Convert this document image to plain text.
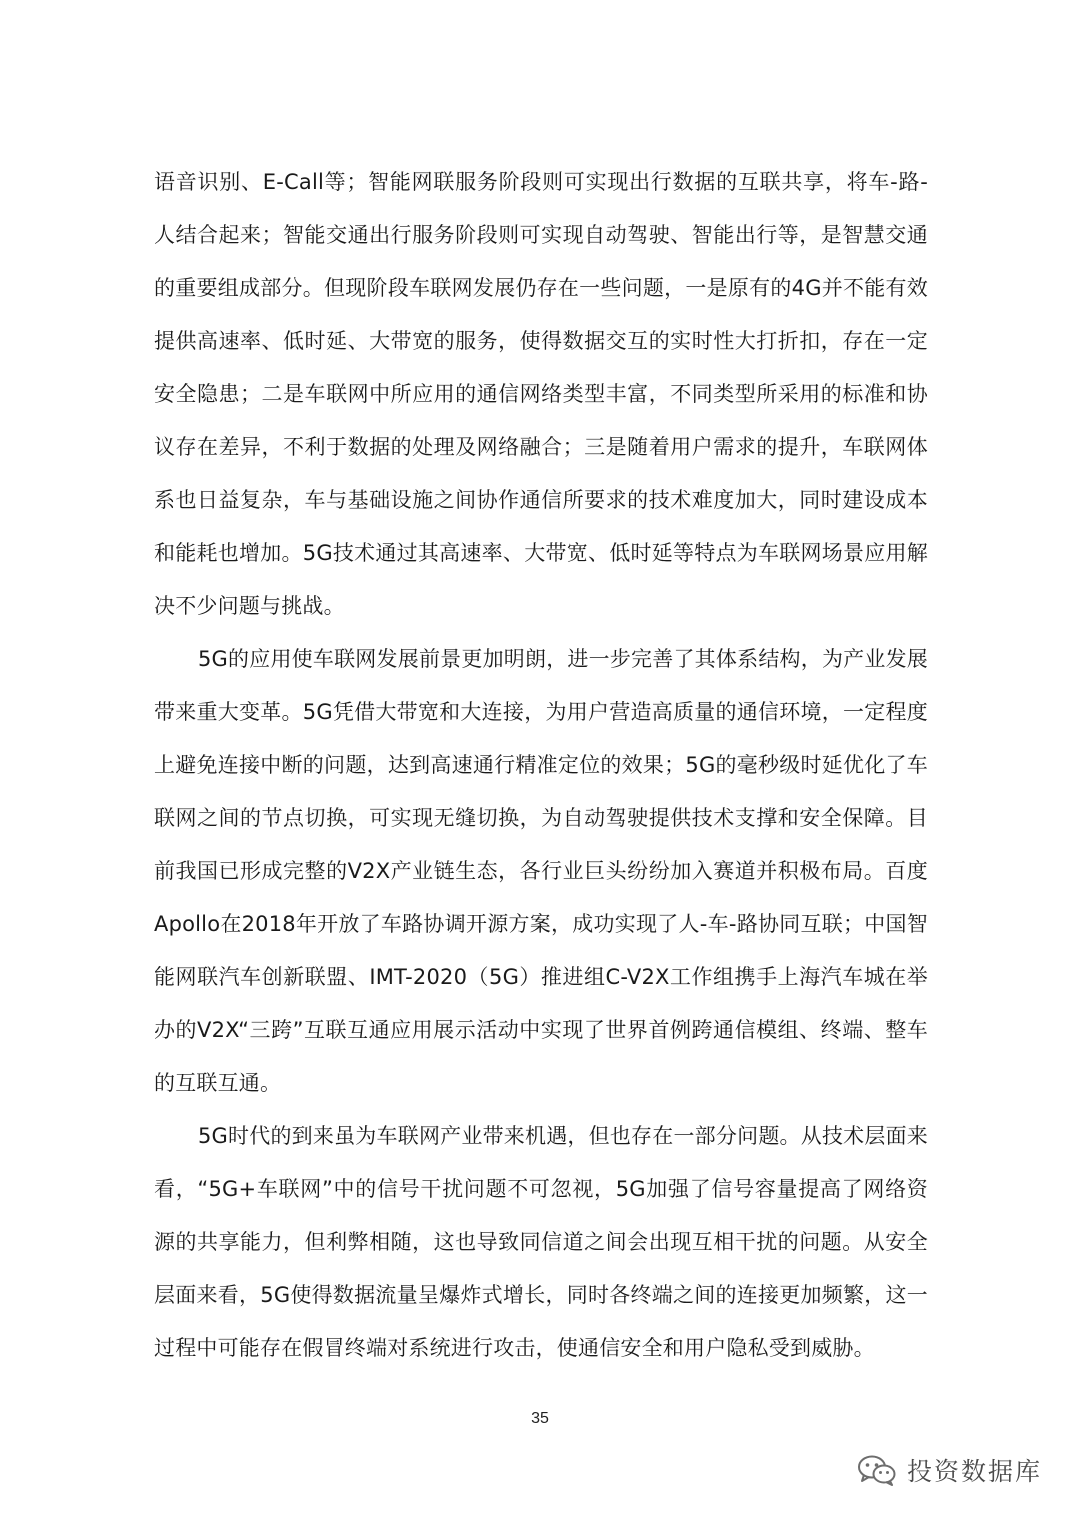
语音识别、E-Call等；智能网联服务阶段则可实现出行数据的互联共享，将车-路-人结合起来；智能交通出行服务阶段则可实现自动驾驶、智能出行等，是智慧交通的重要组成部分。但现阶段车联网发展仍存在一些问题，一是原有的4G并不能有效提供高速率、低时延、大带宽的服务，使得数据交互的实时性大打折扣，存在一定安全隐患；二是车联网中所应用的通信网络类型丰富，不同类型所采用的标准和协议存在差异，不利于数据的处理及网络融合；三是随着用户需求的提升，车联网体系也日益复杂，车与基础设施之间协作通信所要求的技术难度加大，同时建设成本和能耗也增加。5G技术通过其高速率、大带宽、低时延等特点为车联网场景应用解决不少问题与挑战。

5G的应用使车联网发展前景更加明朗，进一步完善了其体系结构，为产业发展带来重大变革。5G凭借大带宽和大连接，为用户营造高质量的通信环境，一定程度上避免连接中断的问题，达到高速通行精准定位的效果；5G的毫秒级时延优化了车联网之间的节点切换，可实现无缝切换，为自动驾驶提供技术支撑和安全保障。目前我国已形成完整的V2X产业链生态，各行业巨头纷纷加入赛道并积极布局。百度Apollo在2018年开放了车路协调开源方案，成功实现了人-车-路协同互联；中国智能网联汽车创新联盟、IMT-2020（5G）推进组C-V2X工作组携手上海汽车城在举办的V2X“三跨”互联互通应用展示活动中实现了世界首例跨通信模组、终端、整车的互联互通。

5G时代的到来虽为车联网产业带来机遇，但也存在一部分问题。从技术层面来看，“5G+车联网”中的信号干扰问题不可忽视，5G加强了信号容量提高了网络资源的共享能力，但利弊相随，这也导致同信道之间会出现互相干扰的问题。从安全层面来看，5G使得数据流量呈爆炸式增长，同时各终端之间的连接更加频繁，这一过程中可能存在假冒终端对系统进行攻击，使通信安全和用户隐私受到威胁。

35
投资数据库
